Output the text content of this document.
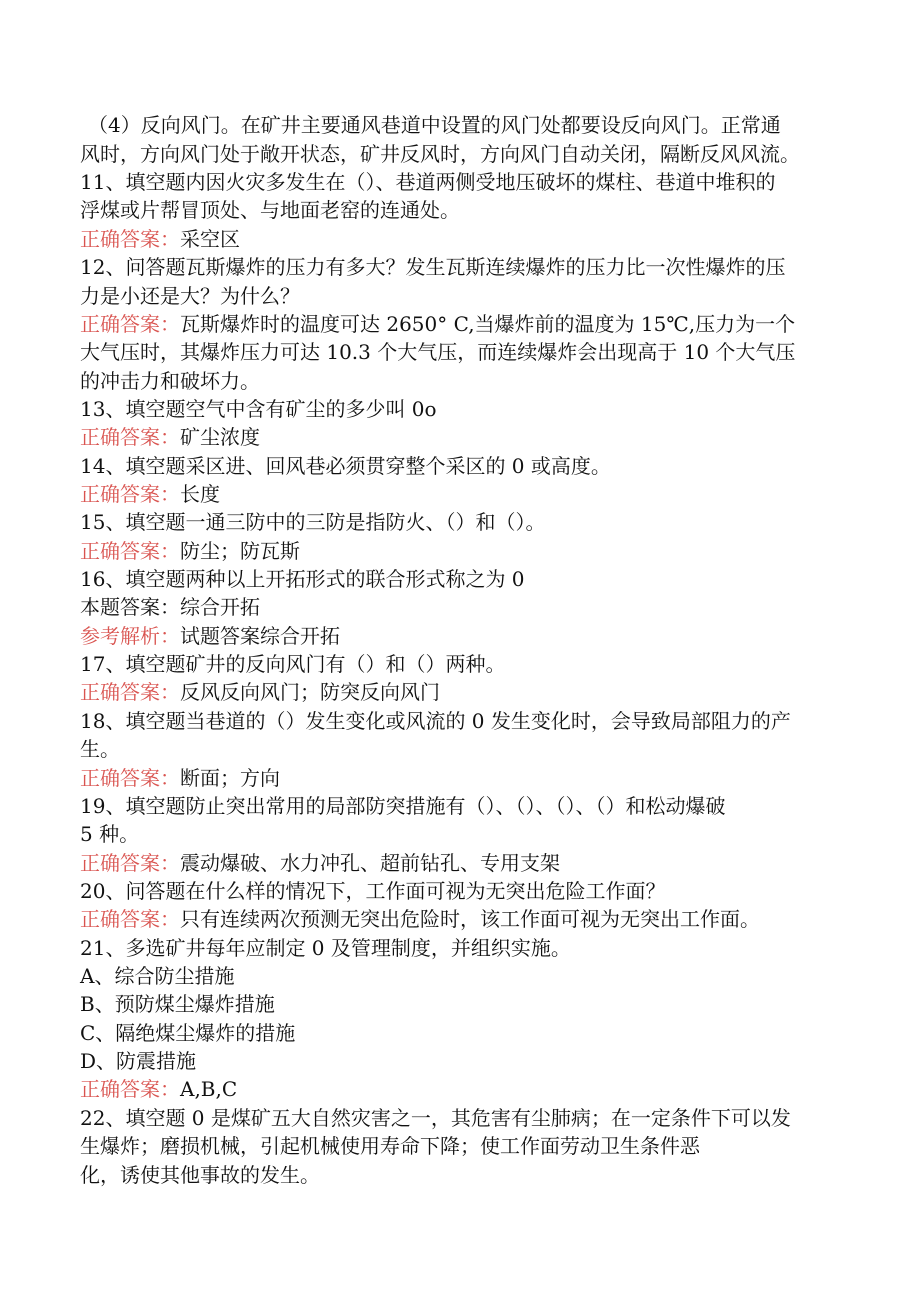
（4）反向风门。在矿井主要通风巷道中设置的风门处都要设反向风门。正常通
风时，方向风门处于敞开状态，矿井反风时，方向风门自动关闭，隔断反风风流。
11、填空题内因火灾多发生在（）、巷道两侧受地压破坏的煤柱、巷道中堆积的
浮煤或片帮冒顶处、与地面老窑的连通处。
正确答案：采空区
12、问答题瓦斯爆炸的压力有多大？发生瓦斯连续爆炸的压力比一次性爆炸的压
力是小还是大？为什么？
正确答案：瓦斯爆炸时的温度可达 2650° C,当爆炸前的温度为 15℃,压力为一个
大气压时，其爆炸压力可达 10.3 个大气压，而连续爆炸会出现高于 10 个大气压
的冲击力和破坏力。
13、填空题空气中含有矿尘的多少叫 0o
正确答案：矿尘浓度
14、填空题采区进、回风巷必须贯穿整个采区的 0 或高度。
正确答案：长度
15、填空题一通三防中的三防是指防火、（）和（）。
正确答案：防尘；防瓦斯
16、填空题两种以上开拓形式的联合形式称之为 0
本题答案：综合开拓
参考解析：试题答案综合开拓
17、填空题矿井的反向风门有（）和（）两种。
正确答案：反风反向风门；防突反向风门
18、填空题当巷道的（）发生变化或风流的 0 发生变化时，会导致局部阻力的产
生。
正确答案：断面；方向
19、填空题防止突出常用的局部防突措施有（）、（）、（）、（）和松动爆破
5 种。
正确答案：震动爆破、水力冲孔、超前钻孔、专用支架
20、问答题在什么样的情况下，工作面可视为无突出危险工作面？
正确答案：只有连续两次预测无突出危险时，该工作面可视为无突出工作面。
21、多选矿井每年应制定 0 及管理制度，并组织实施。
A、综合防尘措施
B、预防煤尘爆炸措施
C、隔绝煤尘爆炸的措施
D、防震措施
正确答案：A,B,C
22、填空题 0 是煤矿五大自然灾害之一，其危害有尘肺病；在一定条件下可以发
生爆炸；磨损机械，引起机械使用寿命下降；使工作面劳动卫生条件恶
化，诱使其他事故的发生。
